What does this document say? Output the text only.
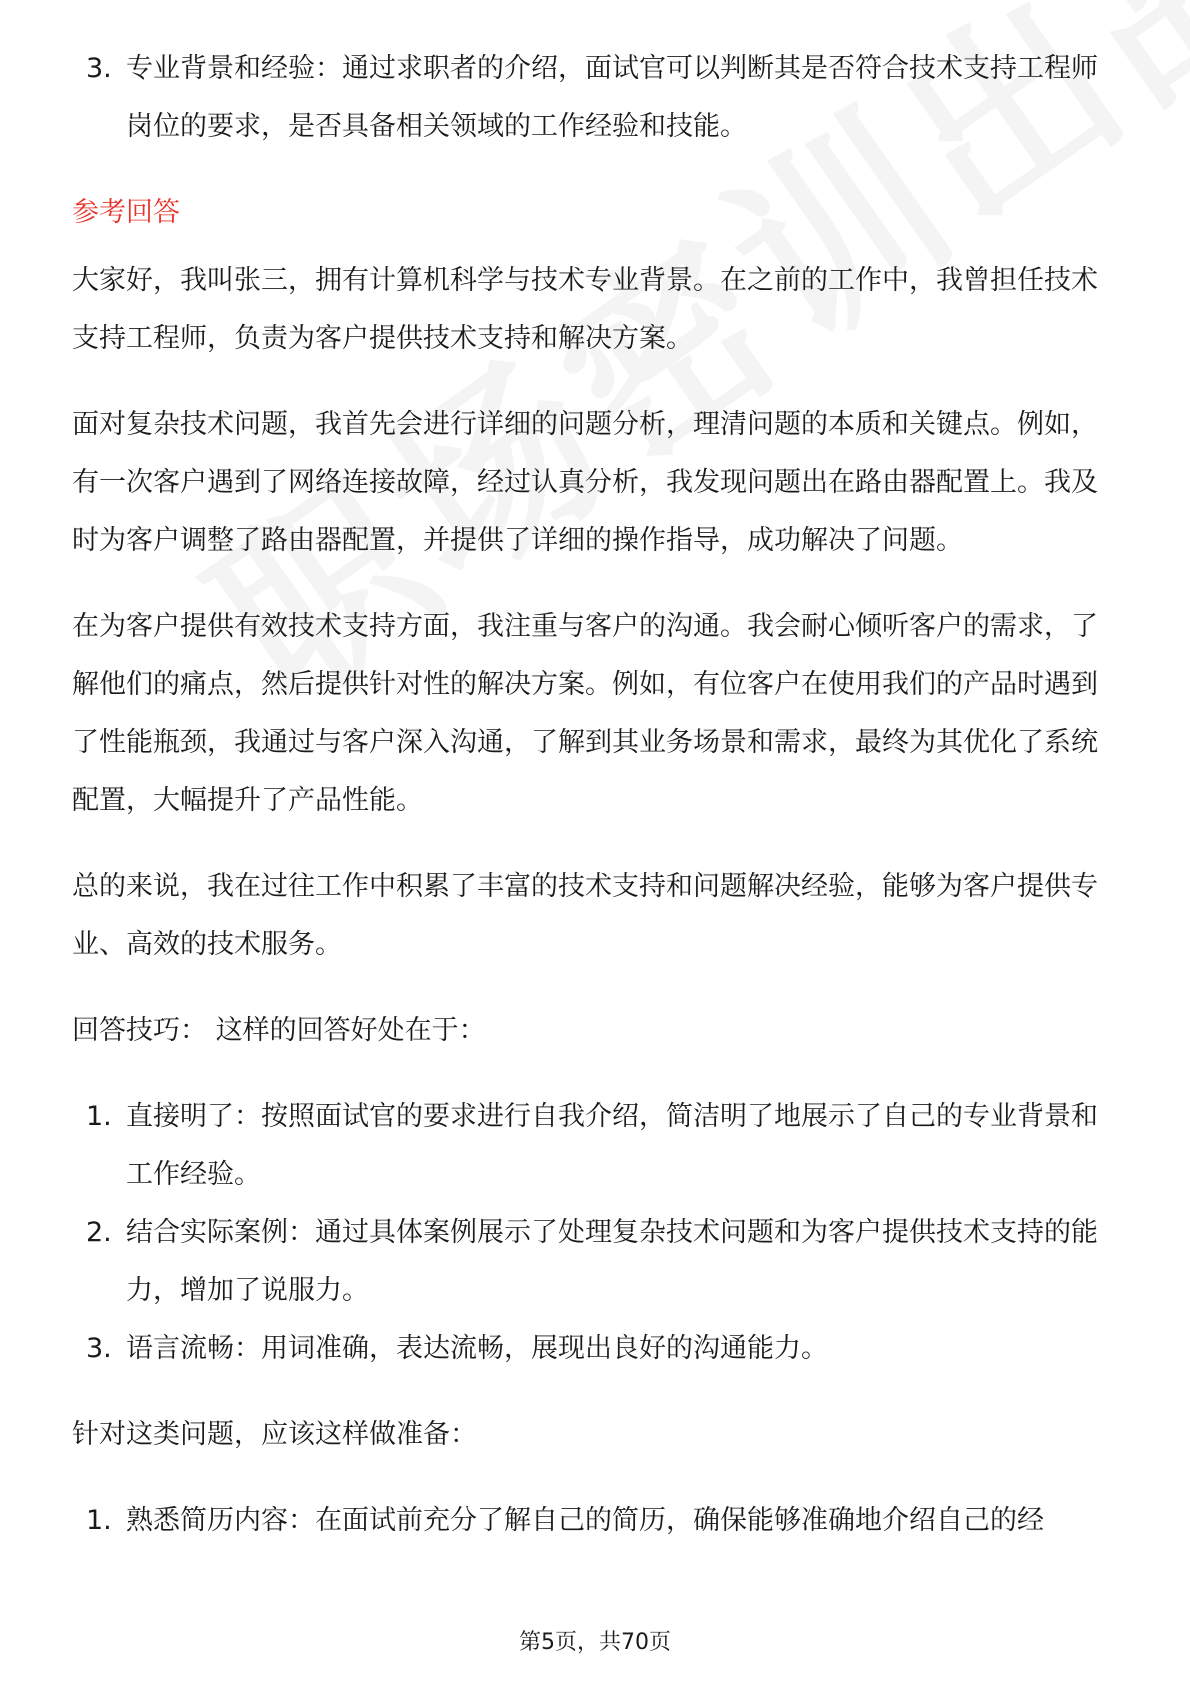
3. 专业背景和经验：通过求职者的介绍，面试官可以判断其是否符合技术支持工程师岗位的要求，是否具备相关领域的工作经验和技能。
参考回答

大家好，我叫张三，拥有计算机科学与技术专业背景。在之前的工作中，我曾担任技术支持工程师，负责为客户提供技术支持和解决方案。

面对复杂技术问题，我首先会进行详细的问题分析，理清问题的本质和关键点。例如，有一次客户遇到了网络连接故障，经过认真分析，我发现问题出在路由器配置上。我及时为客户调整了路由器配置，并提供了详细的操作指导，成功解决了问题。

在为客户提供有效技术支持方面，我注重与客户的沟通。我会耐心倾听客户的需求，了解他们的痛点，然后提供针对性的解决方案。例如，有位客户在使用我们的产品时遇到了性能瓶颈，我通过与客户深入沟通，了解到其业务场景和需求，最终为其优化了系统配置，大幅提升了产品性能。

总的来说，我在过往工作中积累了丰富的技术支持和问题解决经验，能够为客户提供专业、高效的技术服务。

回答技巧： 这样的回答好处在于：

1. 直接明了：按照面试官的要求进行自我介绍，简洁明了地展示了自己的专业背景和工作经验。
2. 结合实际案例：通过具体案例展示了处理复杂技术问题和为客户提供技术支持的能力，增加了说服力。
3. 语言流畅：用词准确，表达流畅，展现出良好的沟通能力。

针对这类问题，应该这样做准备：

1. 熟悉简历内容：在面试前充分了解自己的简历，确保能够准确地介绍自己的经
第5页，共70页
